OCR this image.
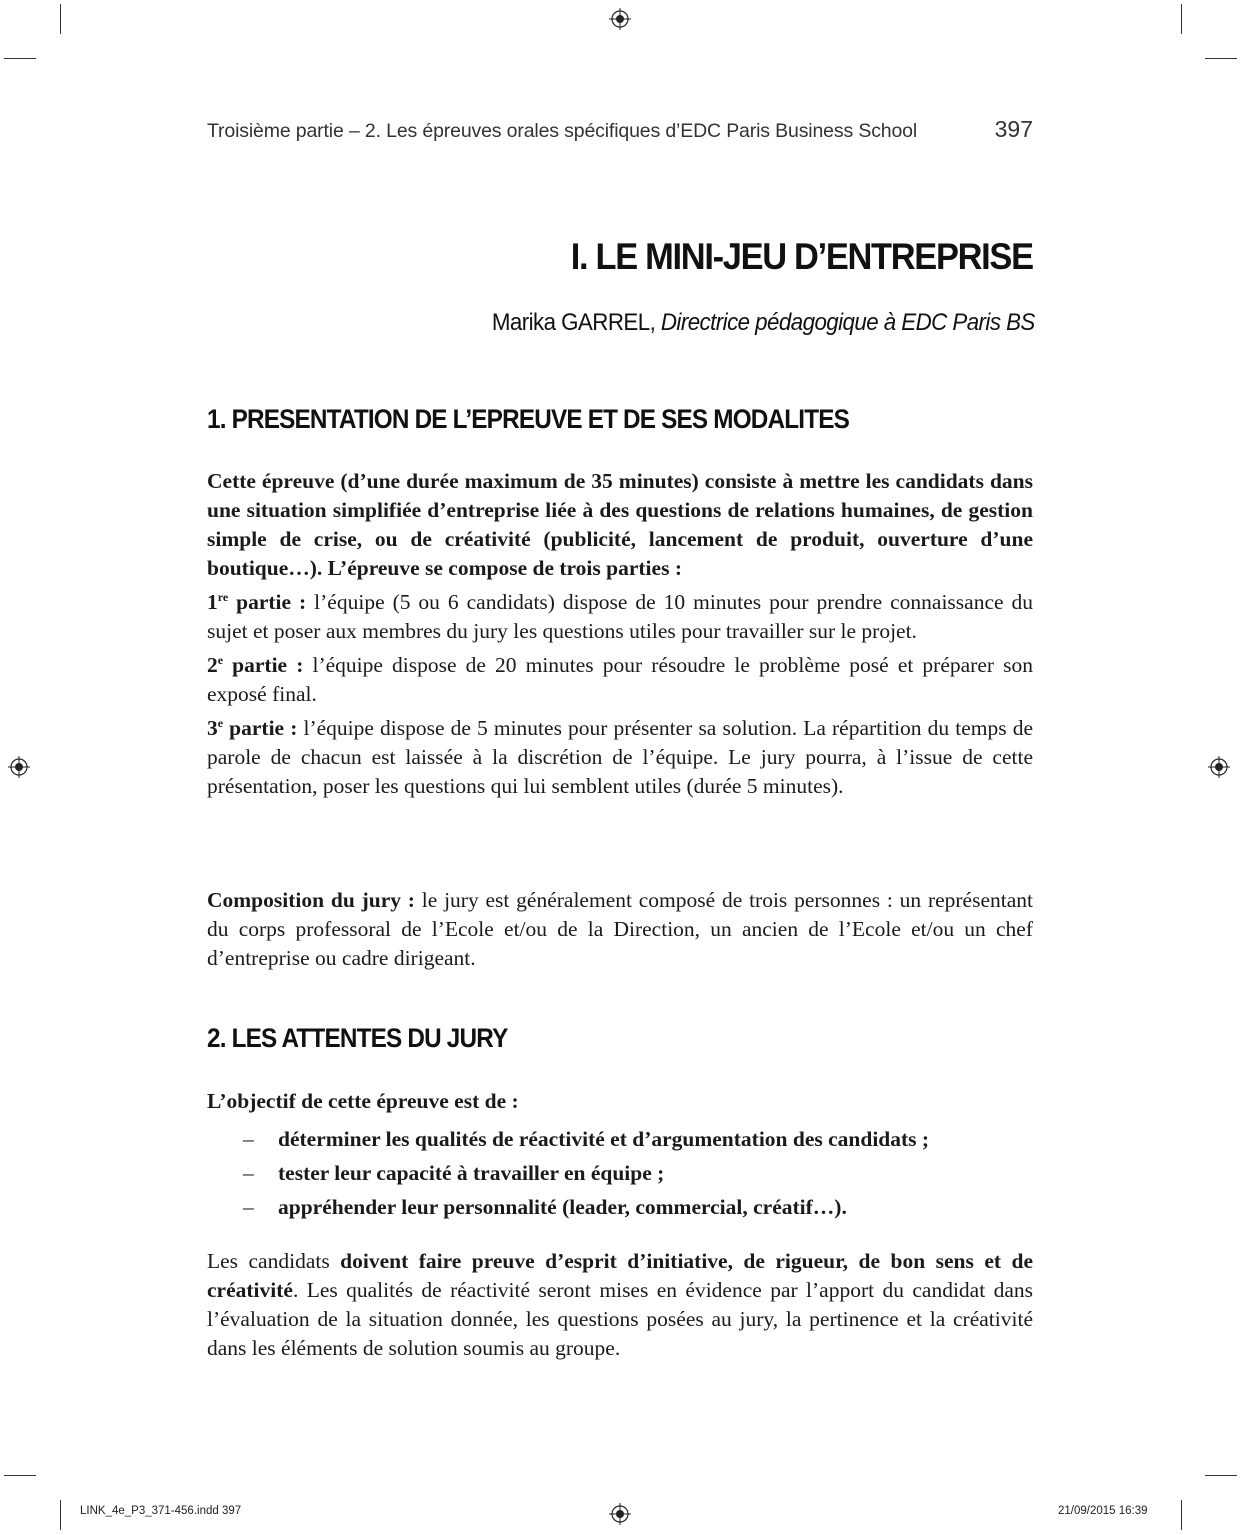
Troisième partie – 2. Les épreuves orales spécifiques d’EDC Paris Business School	397
I. LE MINI-JEU D’ENTREPRISE
Marika GARREL, Directrice pédagogique à EDC Paris BS
1. PRESENTATION DE L’EPREUVE ET DE SES MODALITES

Cette épreuve (d’une durée maximum de 35 minutes) consiste à mettre les candidats dans une situation simplifiée d’entreprise liée à des questions de relations humaines, de gestion simple de crise, ou de créativité (publicité, lancement de produit, ouverture d’une boutique…). L’épreuve se compose de trois parties :

1re partie : l’équipe (5 ou 6 candidats) dispose de 10 minutes pour prendre connaissance du sujet et poser aux membres du jury les questions utiles pour travailler sur le projet.

2e partie : l’équipe dispose de 20 minutes pour résoudre le problème posé et préparer son exposé final.

3e partie : l’équipe dispose de 5 minutes pour présenter sa solution. La répartition du temps de parole de chacun est laissée à la discrétion de l’équipe. Le jury pourra, à l’issue de cette présentation, poser les questions qui lui semblent utiles (durée 5 minutes).

Composition du jury : le jury est généralement composé de trois personnes : un représentant du corps professoral de l’Ecole et/ou de la Direction, un ancien de l’Ecole et/ou un chef d’entreprise ou cadre dirigeant.

2. LES ATTENTES DU JURY

L’objectif de cette épreuve est de :

– déterminer les qualités de réactivité et d’argumentation des candidats ;
– tester leur capacité à travailler en équipe ;
– appréhender leur personnalité (leader, commercial, créatif…).

Les candidats doivent faire preuve d’esprit d’initiative, de rigueur, de bon sens et de créativité. Les qualités de réactivité seront mises en évidence par l’apport du candidat dans l’évaluation de la situation donnée, les questions posées au jury, la pertinence et la créativité dans les éléments de solution soumis au groupe.

LINK_4e_P3_371-456.indd 397	21/09/2015 16:39
